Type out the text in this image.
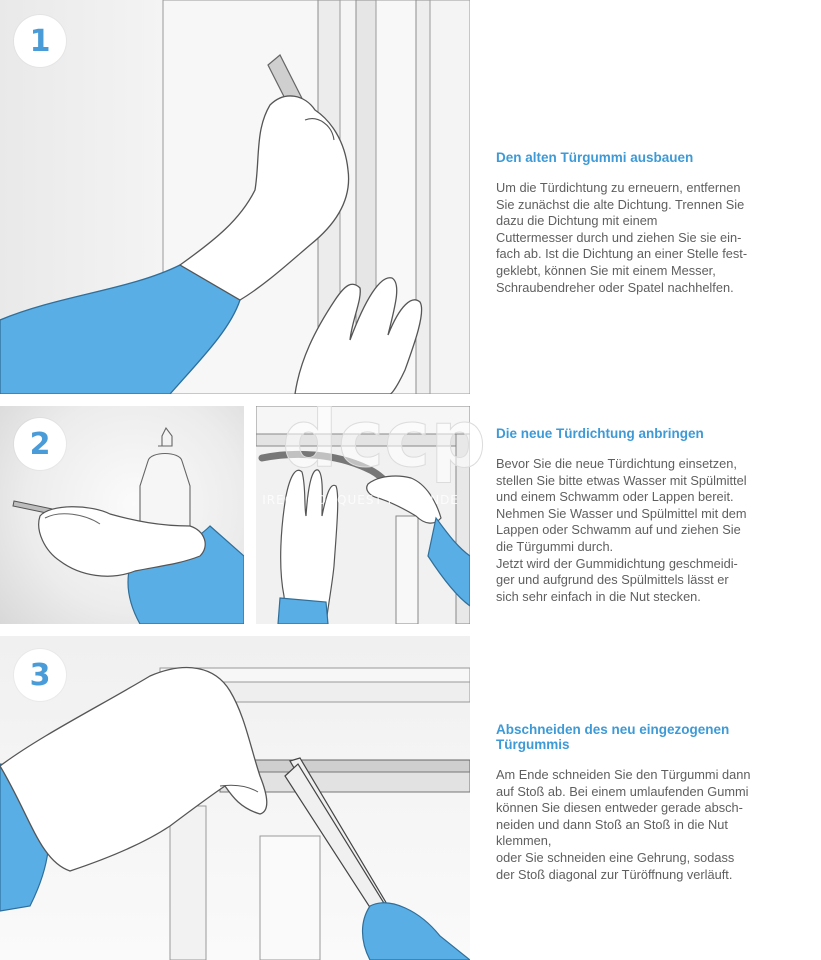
1
Den alten Türgummi ausbauen

Um die Türdichtung zu erneuern, entfernen
Sie zunächst die alte Dichtung. Trennen Sie
dazu die Dichtung mit einem
Cuttermesser durch und ziehen Sie sie ein-
fach ab. Ist die Dichtung an einer Stelle fest-
geklebt, können Sie mit einem Messer,
Schraubendreher oder Spatel nachhelfen.

2	dccp
DIRECT CONQUEST PASSENDE
Die neue Türdichtung anbringen

Bevor Sie die neue Türdichtung einsetzen,
stellen Sie bitte etwas Wasser mit Spülmittel
und einem Schwamm oder Lappen bereit.
Nehmen Sie Wasser und Spülmittel mit dem
Lappen oder Schwamm auf und ziehen Sie
die Türgummi durch.
Jetzt wird der Gummidichtung geschmeidi-
ger und aufgrund des Spülmittels lässt er
sich sehr einfach in die Nut stecken.

3
Abschneiden des neu eingezogenen
Türgummis

Am Ende schneiden Sie den Türgummi dann
auf Stoß ab. Bei einem umlaufenden Gummi
können Sie diesen entweder gerade absch-
neiden und dann Stoß an Stoß in die Nut
klemmen,
oder Sie schneiden eine Gehrung, sodass
der Stoß diagonal zur Türöffnung verläuft.
